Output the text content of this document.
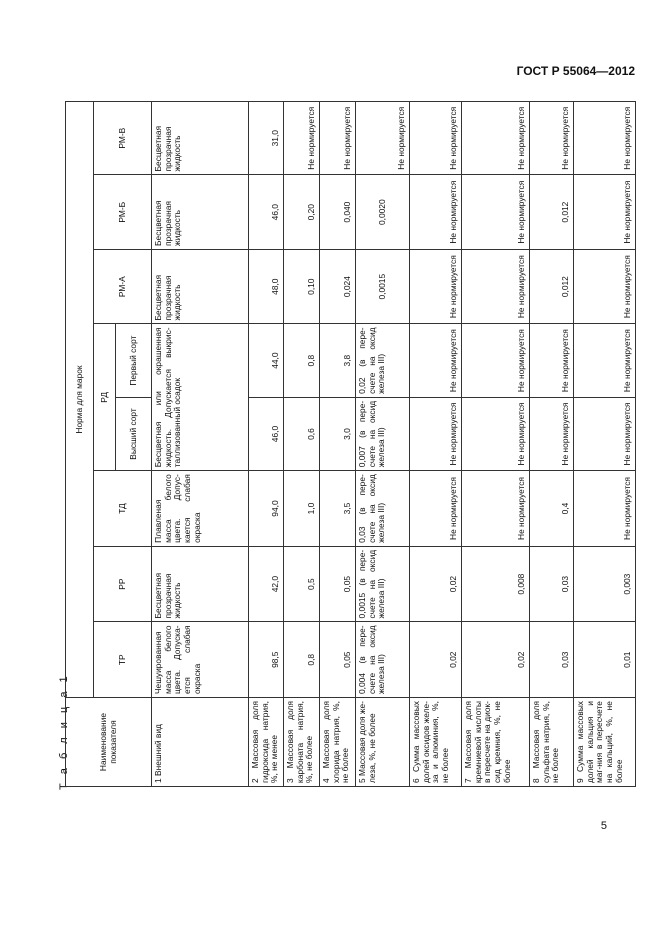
ГОСТ Р 55064—2012
Т а б л и ц а 1	Наименование показателя	Норма для марок							
	ТР	РР	ТД	РД		РМ-А	РМ-Б	РМ-В
				Высший сорт	Первый сорт			
1 Внешний вид	Чешуированная масса белого цвета. Допуска-ется слабая окраска	Бесцветная прозрачная жидкость	Плавленая масса белого цвета. Допус-кается слабая окраска	Бесцветная или окрашенная жидкость. Допускается выкрис-таллизованный осадок		Бесцветная прозрачная жидкость	Бесцветная прозрачная жидкость	Бесцветная прозрачная жидкость
2 Массовая доля гидроксида натрия, %, не менее	98,5	42,0	94,0	46,0	44,0	48,0	46,0	31,0
3 Массовая доля карбоната натрия, %, не более	0,8	0,5	1,0	0,6	0,8	0,10	0,20	Не нормируется
4 Массовая доля хлорида натрия, %, не более	0,05	0,05	3,5	3,0	3,8	0,024	0,040	Не нормируется
5 Массовая доля же-леза, %, не более	0,004 (в пере-счете на оксид железа III)	0,0015 (в пере-счете на оксид железа III)	0,03 (в пере-счете на оксид железа III)	0,007 (в пере-счете на оксид железа III)	0,02 (в пере-счете на оксид железа III)	0,0015	0,0020	Не нормируется
6 Сумма массовых долей оксидов желе-за и алюминия, %, не более	0,02	0,02	Не нормируется	Не нормируется	Не нормируется	Не нормируется	Не нормируется	Не нормируется
7 Массовая доля кремниевой кислоты в пересчете на диок-сид кремния, %, не более	0,02	0,008	Не нормируется	Не нормируется	Не нормируется	Не нормируется	Не нормируется	Не нормируется
8 Массовая доля сульфата натрия, %, не более	0,03	0,03	0,4	Не нормируется	Не нормируется	0,012	0,012	Не нормируется
9 Сумма массовых долей кальция и маг-ния в пересчете на кальций, %, не более	0,01	0,003	Не нормируется	Не нормируется	Не нормируется	Не нормируется	Не нормируется	Не нормируется
5
